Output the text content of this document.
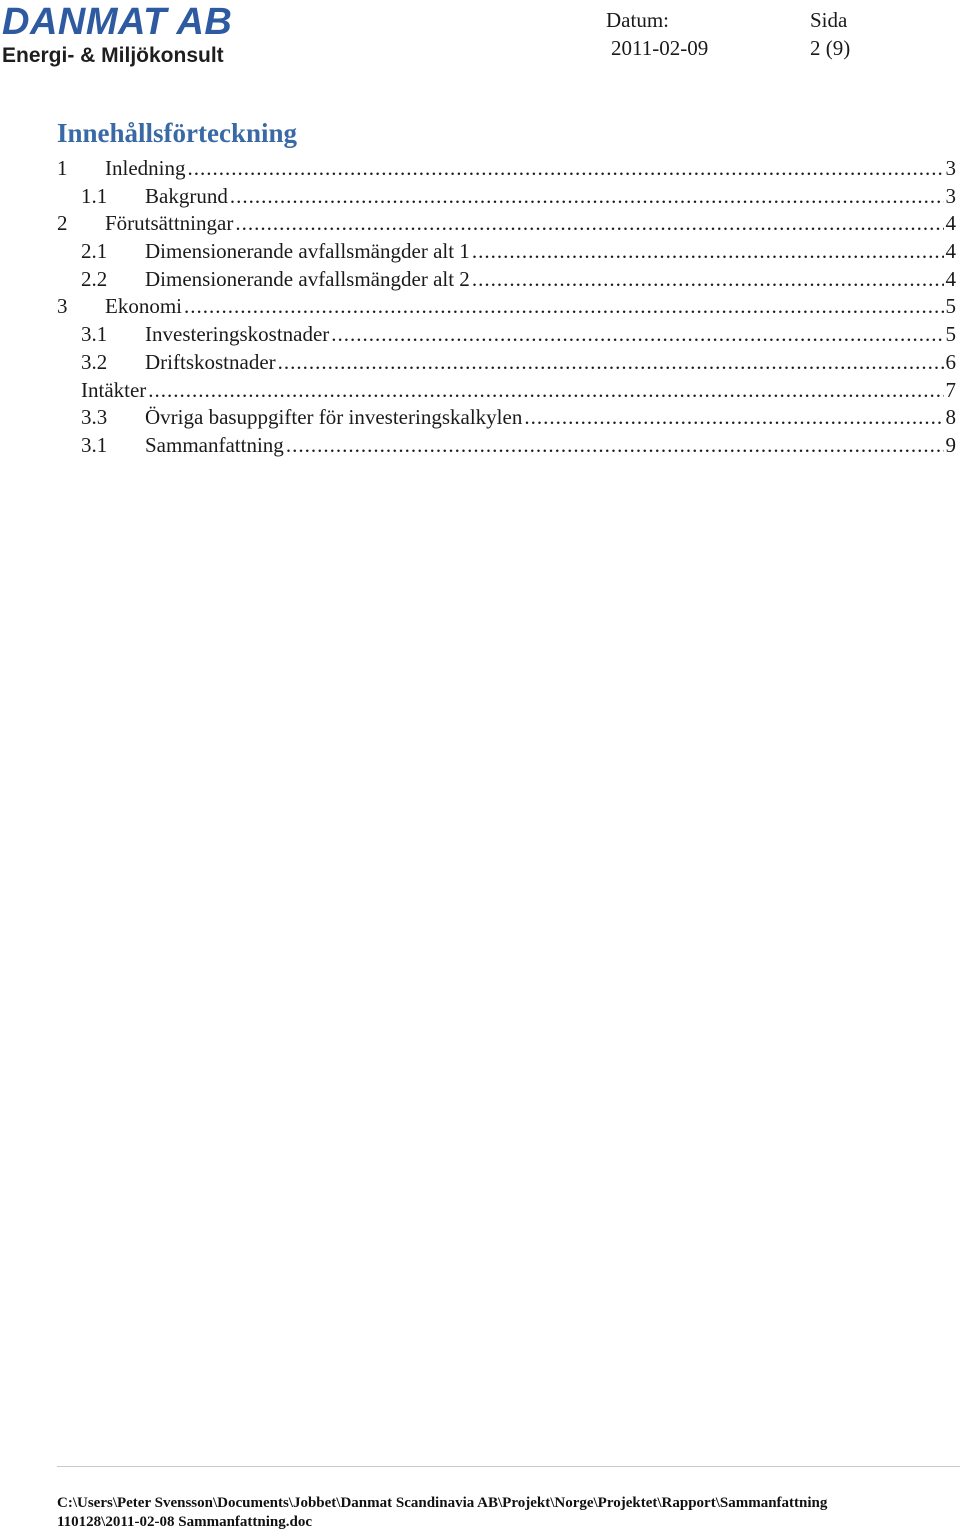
DANMAT AB
Energi- & Miljökonsult
Datum:
2011-02-09
Sida
2 (9)
Innehållsförteckning
1	Inledning .....	3
1.1	Bakgrund .....	3
2	Förutsättningar .....	4
2.1	Dimensionerande avfallsmängder alt 1 .....	4
2.2	Dimensionerande avfallsmängder alt 2 .....	4
3	Ekonomi .....	5
3.1	Investeringskostnader .....	5
3.2	Driftskostnader .....	6
Intäkter .....	7
3.3	Övriga basuppgifter för investeringskalkylen .....	8
3.1	Sammanfattning .....	9
C:\Users\Peter Svensson\Documents\Jobbet\Danmat Scandinavia AB\Projekt\Norge\Projektet\Rapport\Sammanfattning
110128\2011-02-08 Sammanfattning.doc
